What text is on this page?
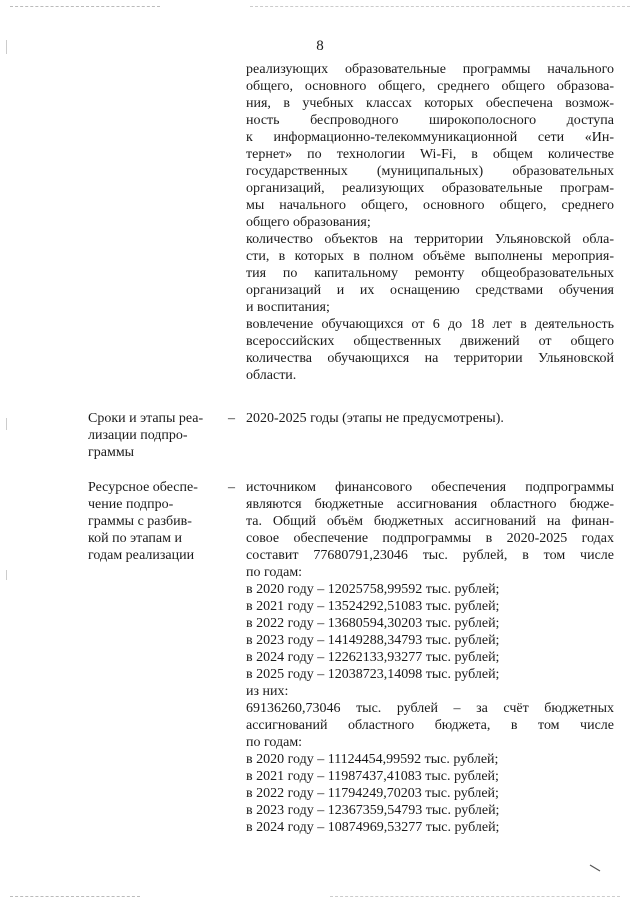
8
реализующих образовательные программы начального
общего, основного общего, среднего общего образова-
ния, в учебных классах которых обеспечена возмож-
ность беспроводного широкополосного доступа
к информационно-телекоммуникационной сети «Ин-
тернет» по технологии Wi-Fi, в общем количестве
государственных (муниципальных) образовательных
организаций, реализующих образовательные програм-
мы начального общего, основного общего, среднего
общего образования;
количество объектов на территории Ульяновской обла-
сти, в которых в полном объёме выполнены мероприя-
тия по капитальному ремонту общеобразовательных
организаций и их оснащению средствами обучения
и воспитания;
вовлечение обучающихся от 6 до 18 лет в деятельность
всероссийских общественных движений от общего
количества обучающихся на территории Ульяновской
области.
Сроки и этапы реа-
лизации подпро-
граммы
– 2020-2025 годы (этапы не предусмотрены).
Ресурсное обеспе-
чение подпро-
граммы с разбив-
кой по этапам и
годам реализации
– источником финансового обеспечения подпрограммы
являются бюджетные ассигнования областного бюдже-
та. Общий объём бюджетных ассигнований на финан-
совое обеспечение подпрограммы в 2020-2025 годах
составит 77680791,23046 тыс. рублей, в том числе
по годам:
в 2020 году – 12025758,99592 тыс. рублей;
в 2021 году – 13524292,51083 тыс. рублей;
в 2022 году – 13680594,30203 тыс. рублей;
в 2023 году – 14149288,34793 тыс. рублей;
в 2024 году – 12262133,93277 тыс. рублей;
в 2025 году – 12038723,14098 тыс. рублей;
из них:
69136260,73046 тыс. рублей – за счёт бюджетных
ассигнований областного бюджета, в том числе
по годам:
в 2020 году – 11124454,99592 тыс. рублей;
в 2021 году – 11987437,41083 тыс. рублей;
в 2022 году – 11794249,70203 тыс. рублей;
в 2023 году – 12367359,54793 тыс. рублей;
в 2024 году – 10874969,53277 тыс. рублей;
